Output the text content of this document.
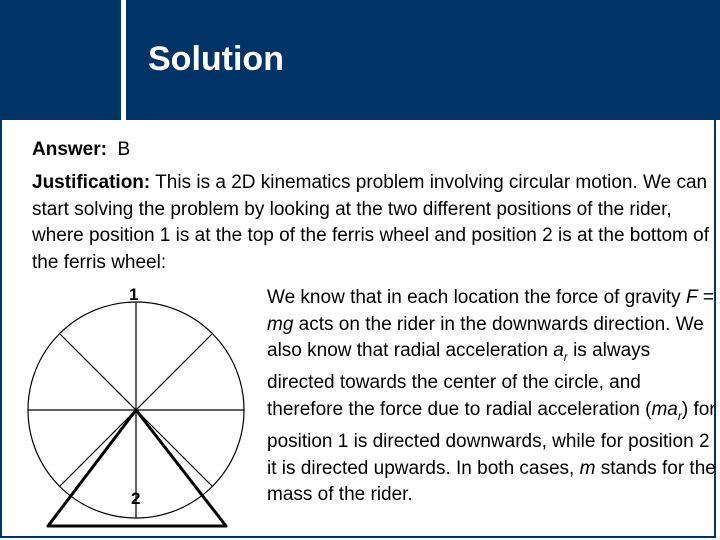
Solution
Answer: B
Justification: This is a 2D kinematics problem involving circular motion. We can start solving the problem by looking at the two different positions of the rider, where position 1 is at the top of the ferris wheel and position 2 is at the bottom of the ferris wheel:
1
2
We know that in each location the force of gravity F = mg acts on the rider in the downwards direction. We also know that radial acceleration $a_r$ is always directed towards the center of the circle, and therefore the force due to radial acceleration $(ma_r)$ for position 1 is directed downwards, while for position 2 it is directed upwards. In both cases, m stands for the mass of the rider.
